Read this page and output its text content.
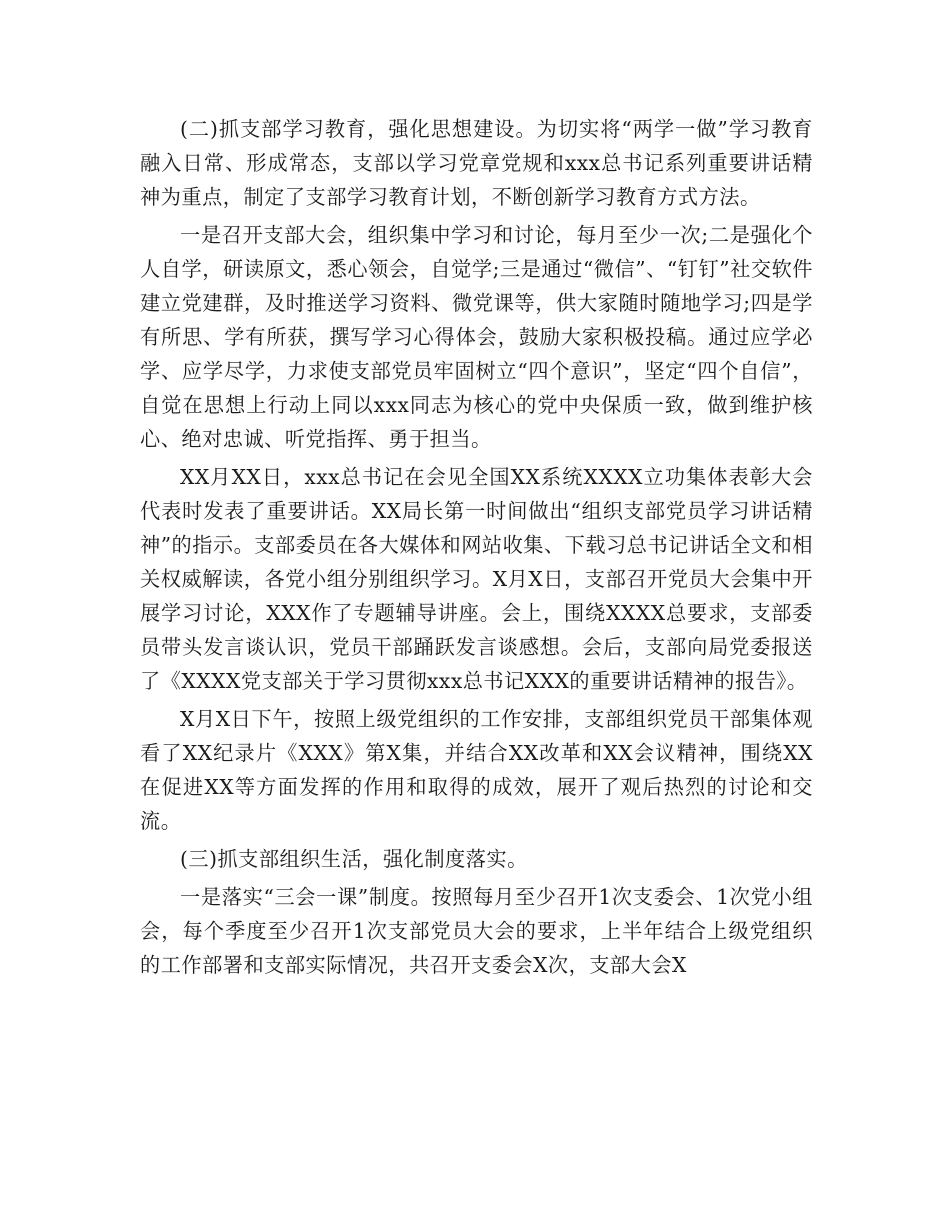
(二)抓支部学习教育，强化思想建设。为切实将“两学一做”学习教育融入日常、形成常态，支部以学习党章党规和xxx总书记系列重要讲话精神为重点，制定了支部学习教育计划，不断创新学习教育方式方法。

一是召开支部大会，组织集中学习和讨论，每月至少一次;二是强化个人自学，研读原文，悉心领会，自觉学;三是通过“微信”、“钉钉”社交软件建立党建群，及时推送学习资料、微党课等，供大家随时随地学习;四是学有所思、学有所获，撰写学习心得体会，鼓励大家积极投稿。通过应学必学、应学尽学，力求使支部党员牢固树立“四个意识”，坚定“四个自信”，自觉在思想上行动上同以xxx同志为核心的党中央保质一致，做到维护核心、绝对忠诚、听党指挥、勇于担当。

XX月XX日，xxx总书记在会见全国XX系统XXXX立功集体表彰大会代表时发表了重要讲话。XX局长第一时间做出“组织支部党员学习讲话精神”的指示。支部委员在各大媒体和网站收集、下载习总书记讲话全文和相关权威解读，各党小组分别组织学习。X月X日，支部召开党员大会集中开展学习讨论，XXX作了专题辅导讲座。会上，围绕XXXX总要求，支部委员带头发言谈认识，党员干部踊跃发言谈感想。会后，支部向局党委报送了《XXXX党支部关于学习贯彻xxx总书记XXX的重要讲话精神的报告》。

X月X日下午，按照上级党组织的工作安排，支部组织党员干部集体观看了XX纪录片《XXX》第X集，并结合XX改革和XX会议精神，围绕XX在促进XX等方面发挥的作用和取得的成效，展开了观后热烈的讨论和交流。

(三)抓支部组织生活，强化制度落实。

一是落实“三会一课”制度。按照每月至少召开1次支委会、1次党小组会，每个季度至少召开1次支部党员大会的要求，上半年结合上级党组织的工作部署和支部实际情况，共召开支委会X次，支部大会X
